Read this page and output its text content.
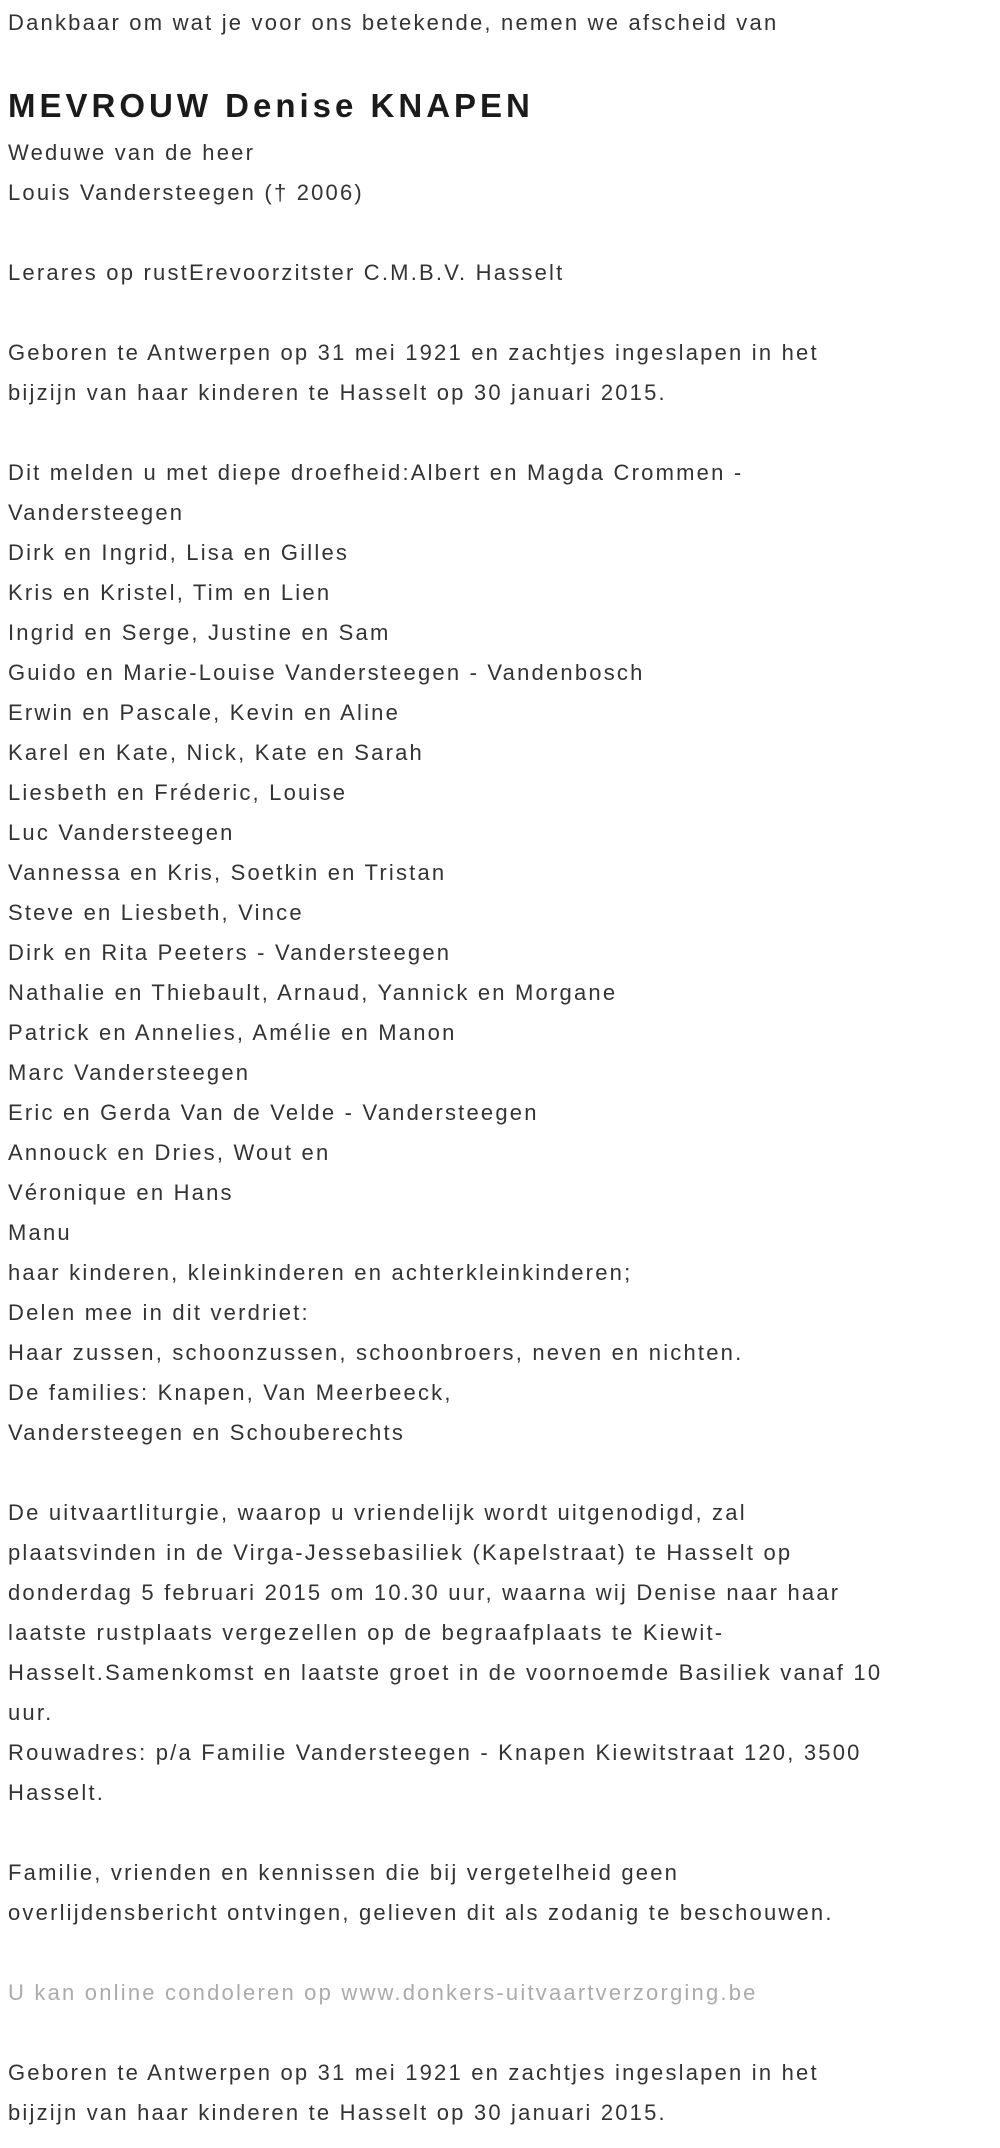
Dankbaar om wat je voor ons betekende, nemen we afscheid van

MEVROUW Denise KNAPEN

Weduwe van de heer
Louis Vandersteegen († 2006)

Lerares op rustErevoorzitster C.M.B.V. Hasselt

Geboren te Antwerpen op 31 mei 1921 en zachtjes ingeslapen in het
bijzijn van haar kinderen te Hasselt op 30 januari 2015.

Dit melden u met diepe droefheid:Albert en Magda Crommen -
Vandersteegen
Dirk en Ingrid, Lisa en Gilles
Kris en Kristel, Tim en Lien
Ingrid en Serge, Justine en Sam
Guido en Marie-Louise Vandersteegen - Vandenbosch
Erwin en Pascale, Kevin en Aline
Karel en Kate, Nick, Kate en Sarah
Liesbeth en Fréderic, Louise
Luc Vandersteegen
Vannessa en Kris, Soetkin en Tristan
Steve en Liesbeth, Vince
Dirk en Rita Peeters - Vandersteegen
Nathalie en Thiebault, Arnaud, Yannick en Morgane
Patrick en Annelies, Amélie en Manon
Marc Vandersteegen
Eric en Gerda Van de Velde - Vandersteegen
Annouck en Dries, Wout en
Véronique en Hans
Manu
haar kinderen, kleinkinderen en achterkleinkinderen;
Delen mee in dit verdriet:
Haar zussen, schoonzussen, schoonbroers, neven en nichten.
De families: Knapen, Van Meerbeeck,
Vandersteegen en Schouberechts

De uitvaartliturgie, waarop u vriendelijk wordt uitgenodigd, zal
plaatsvinden in de Virga-Jessebasiliek (Kapelstraat) te Hasselt op
donderdag 5 februari 2015 om 10.30 uur, waarna wij Denise naar haar
laatste rustplaats vergezellen op de begraafplaats te Kiewit-
Hasselt.Samenkomst en laatste groet in de voornoemde Basiliek vanaf 10
uur.
Rouwadres: p/a Familie Vandersteegen - Knapen Kiewitstraat 120, 3500
Hasselt.

Familie, vrienden en kennissen die bij vergetelheid geen
overlijdensbericht ontvingen, gelieven dit als zodanig te beschouwen.

U kan online condoleren op www.donkers-uitvaartverzorging.be

Geboren te Antwerpen op 31 mei 1921 en zachtjes ingeslapen in het
bijzijn van haar kinderen te Hasselt op 30 januari 2015.
